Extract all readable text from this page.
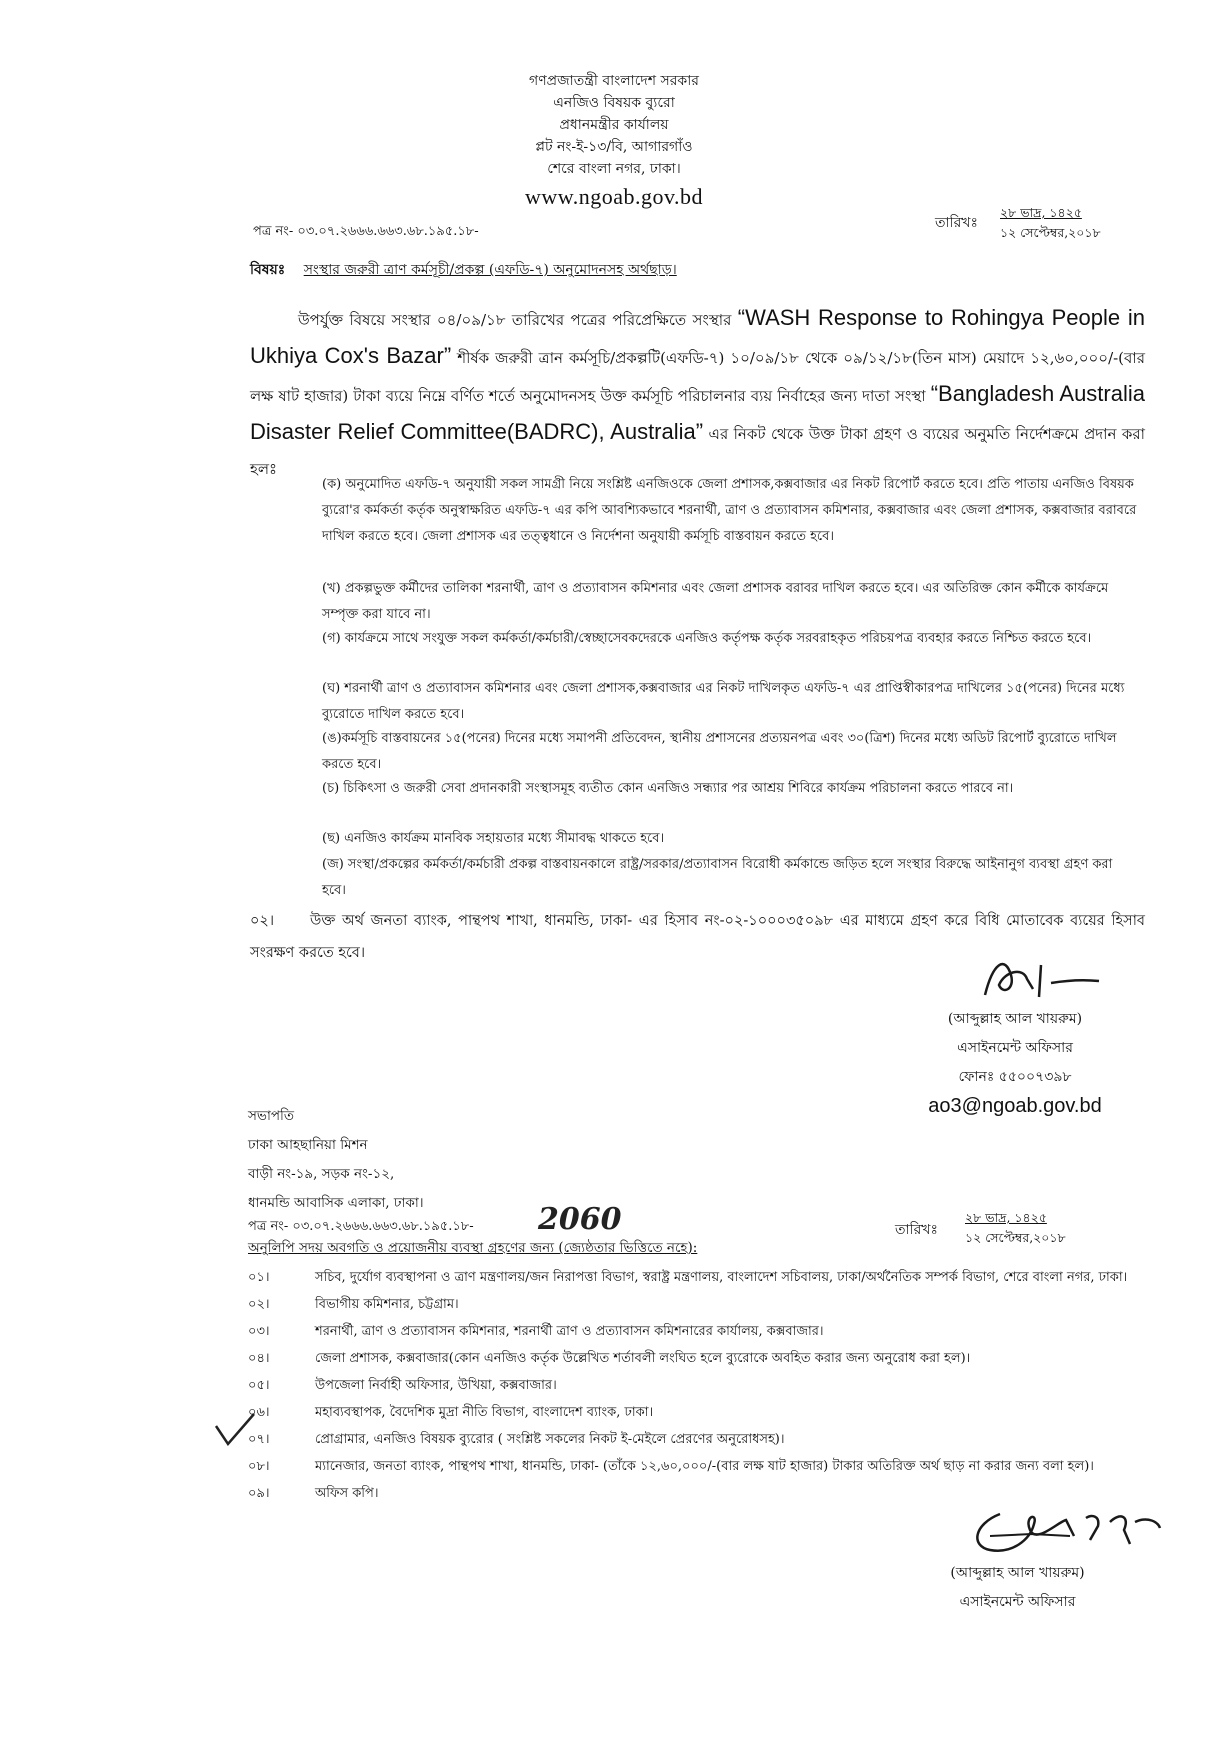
গণপ্রজাতন্ত্রী বাংলাদেশ সরকার
এনজিও বিষয়ক ব্যুরো
প্রধানমন্ত্রীর কার্যালয়
প্লট নং-ই-১৩/বি, আগারগাঁও
শেরে বাংলা নগর, ঢাকা।
www.ngoab.gov.bd
পত্র নং- ০৩.০৭.২৬৬৬.৬৬৩.৬৮.১৯৫.১৮-
তারিখঃ
২৮ ভাদ্র, ১৪২৫
১২ সেপ্টেম্বর,২০১৮
বিষয়ঃ সংস্থার জরুরী ত্রাণ কর্মসূচী/প্রকল্প (এফডি-৭) অনুমোদনসহ অর্থছাড়।
উপর্যুক্ত বিষয়ে সংস্থার ০৪/০৯/১৮ তারিখের পত্রের পরিপ্রেক্ষিতে সংস্থার “WASH Response to Rohingya People in Ukhiya Cox's Bazar” শীর্ষক জরুরী ত্রান কর্মসূচি/প্রকল্পটি(এফডি-৭) ১০/০৯/১৮ থেকে ০৯/১২/১৮(তিন মাস) মেয়াদে ১২,৬০,০০০/-(বার লক্ষ ষাট হাজার) টাকা ব্যয়ে নিম্নে বর্ণিত শর্তে অনুমোদনসহ উক্ত কর্মসূচি পরিচালনার ব্যয় নির্বাহের জন্য দাতা সংস্থা “Bangladesh Australia Disaster Relief Committee(BADRC), Australia” এর নিকট থেকে উক্ত টাকা গ্রহণ ও ব্যয়ের অনুমতি নির্দেশক্রমে প্রদান করা হলঃ

(ক) অনুমোদিত এফডি-৭ অনুযায়ী সকল সামগ্রী নিয়ে সংশ্লিষ্ট এনজিওকে জেলা প্রশাসক,কক্সবাজার এর নিকট রিপোর্ট করতে হবে। প্রতি পাতায় এনজিও বিষয়ক ব্যুরো'র কর্মকর্তা কর্তৃক অনুস্বাক্ষরিত এফডি-৭ এর কপি আবশ্যিকভাবে শরনার্থী, ত্রাণ ও প্রত্যাবাসন কমিশনার, কক্সবাজার এবং জেলা প্রশাসক, কক্সবাজার বরাবরে দাখিল করতে হবে। জেলা প্রশাসক এর তত্ত্বধানে ও নির্দেশনা অনুযায়ী কর্মসূচি বাস্তবায়ন করতে হবে।

(খ) প্রকল্পভুক্ত কর্মীদের তালিকা শরনার্থী, ত্রাণ ও প্রত্যাবাসন কমিশনার এবং জেলা প্রশাসক বরাবর দাখিল করতে হবে। এর অতিরিক্ত কোন কর্মীকে কার্যক্রমে সম্পৃক্ত করা যাবে না।

(গ) কার্যক্রমে সাথে সংযুক্ত সকল কর্মকর্তা/কর্মচারী/স্বেচ্ছাসেবকদেরকে এনজিও কর্তৃপক্ষ কর্তৃক সরবরাহকৃত পরিচয়পত্র ব্যবহার করতে নিশ্চিত করতে হবে।

(ঘ) শরনার্থী ত্রাণ ও প্রত্যাবাসন কমিশনার এবং জেলা প্রশাসক,কক্সবাজার এর নিকট দাখিলকৃত এফডি-৭ এর প্রাপ্তিস্বীকারপত্র দাখিলের ১৫(পনের) দিনের মধ্যে ব্যুরোতে দাখিল করতে হবে।

(ঙ)কর্মসূচি বাস্তবায়নের ১৫(পনের) দিনের মধ্যে সমাপনী প্রতিবেদন, স্থানীয় প্রশাসনের প্রত্যয়নপত্র এবং ৩০(ত্রিশ) দিনের মধ্যে অডিট রিপোর্ট ব্যুরোতে দাখিল করতে হবে।

(চ) চিকিৎসা ও জরুরী সেবা প্রদানকারী সংস্থাসমূহ ব্যতীত কোন এনজিও সন্ধ্যার পর আশ্রয় শিবিরে কার্যক্রম পরিচালনা করতে পারবে না।

(ছ) এনজিও কার্যক্রম মানবিক সহায়তার মধ্যে সীমাবদ্ধ থাকতে হবে।

(জ) সংস্থা/প্রকল্পের কর্মকর্তা/কর্মচারী প্রকল্প বাস্তবায়নকালে রাষ্ট্র/সরকার/প্রত্যাবাসন বিরোধী কর্মকান্ডে জড়িত হলে সংস্থার বিরুদ্ধে আইনানুগ ব্যবস্থা গ্রহণ করা হবে।

০২। উক্ত অর্থ জনতা ব্যাংক, পান্থপথ শাখা, ধানমন্ডি, ঢাকা- এর হিসাব নং-০২-১০০০৩৫০৯৮ এর মাধ্যমে গ্রহণ করে বিধি মোতাবেক ব্যয়ের হিসাব সংরক্ষণ করতে হবে।
(আব্দুল্লাহ আল খায়রুম)
এসাইনমেন্ট অফিসার
ফোনঃ ৫৫০০৭৩৯৮
ao3@ngoab.gov.bd
সভাপতি
ঢাকা আহছানিয়া মিশন
বাড়ী নং-১৯, সড়ক নং-১২,
ধানমন্ডি আবাসিক এলাকা, ঢাকা।
পত্র নং- ০৩.০৭.২৬৬৬.৬৬৩.৬৮.১৯৫.১৮- 2060	তারিখঃ
২৮ ভাদ্র, ১৪২৫
১২ সেপ্টেম্বর,২০১৮
অনুলিপি সদয় অবগতি ও প্রয়োজনীয় ব্যবস্থা গ্রহণের জন্য (জ্যেষ্ঠতার ভিত্তিতে নহে):
০১।	সচিব, দুর্যোগ ব্যবস্থাপনা ও ত্রাণ মন্ত্রণালয়/জন নিরাপত্তা বিভাগ, স্বরাষ্ট্র মন্ত্রণালয়, বাংলাদেশ সচিবালয়, ঢাকা/অর্থনৈতিক সম্পর্ক বিভাগ, শেরে বাংলা নগর, ঢাকা।
০২।	বিভাগীয় কমিশনার, চট্টগ্রাম।
০৩।	শরনার্থী, ত্রাণ ও প্রত্যাবাসন কমিশনার, শরনার্থী ত্রাণ ও প্রত্যাবাসন কমিশনারের কার্যালয়, কক্সবাজার।
০৪।	জেলা প্রশাসক, কক্সবাজার(কোন এনজিও কর্তৃক উল্লেখিত শর্তাবলী লংঘিত হলে ব্যুরোকে অবহিত করার জন্য অনুরোধ করা হল)।
০৫।	উপজেলা নির্বাহী অফিসার, উখিয়া, কক্সবাজার।
০৬।	মহাব্যবস্থাপক, বৈদেশিক মুদ্রা নীতি বিভাগ, বাংলাদেশ ব্যাংক, ঢাকা।
০৭।	প্রোগ্রামার, এনজিও বিষয়ক ব্যুরোর ( সংশ্লিষ্ট সকলের নিকট ই-মেইলে প্রেরণের অনুরোধসহ)।
০৮।	ম্যানেজার, জনতা ব্যাংক, পান্থপথ শাখা, ধানমন্ডি, ঢাকা- (তাঁকে ১২,৬০,০০০/-(বার লক্ষ ষাট হাজার) টাকার অতিরিক্ত অর্থ ছাড় না করার জন্য বলা হল)।
০৯।	অফিস কপি।
(আব্দুল্লাহ আল খায়রুম)
এসাইনমেন্ট অফিসার
